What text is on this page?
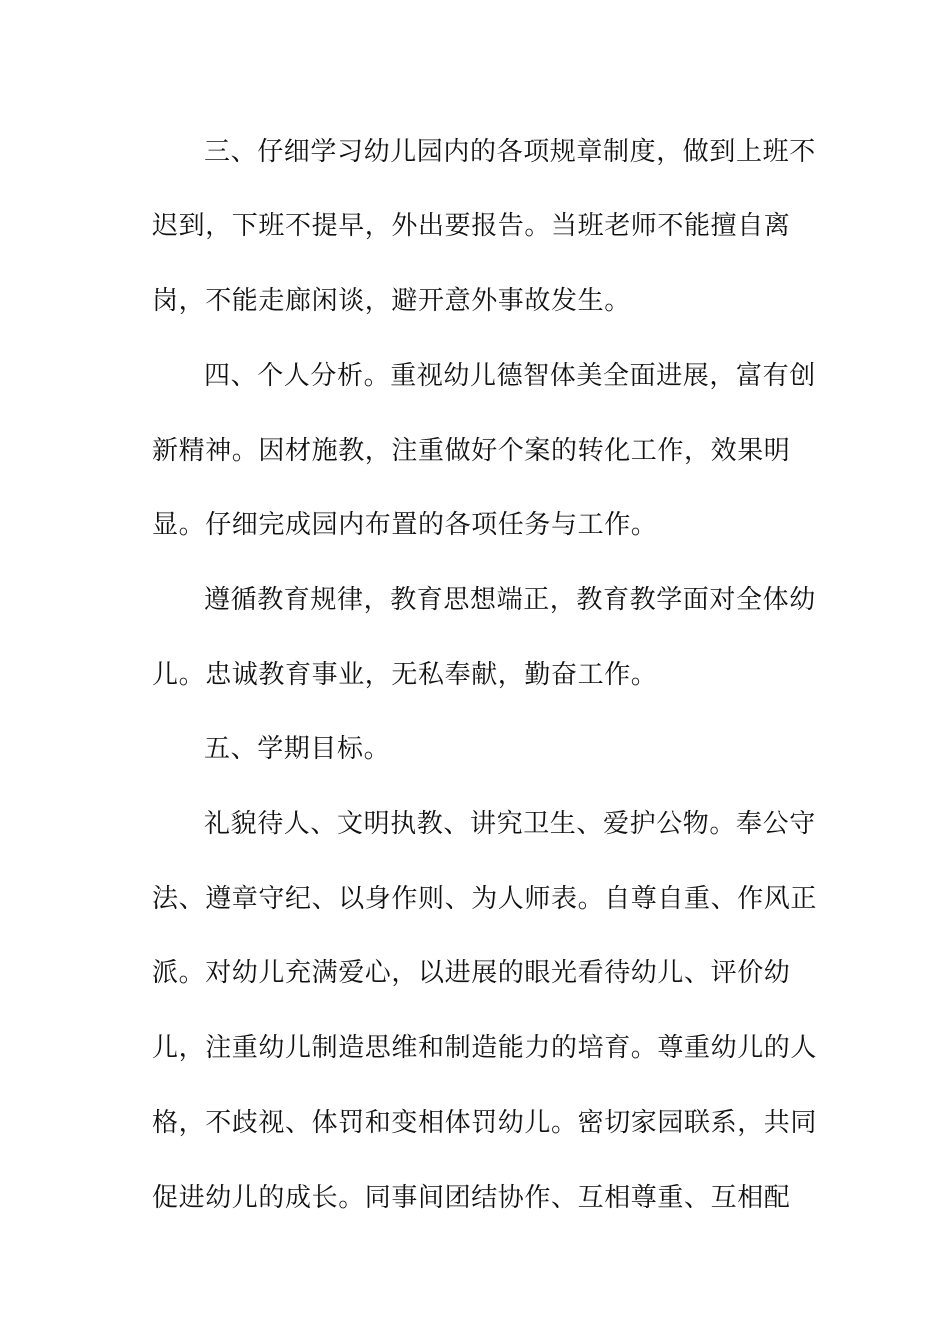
三、仔细学习幼儿园内的各项规章制度，做到上班不
迟到，下班不提早，外出要报告。当班老师不能擅自离
岗，不能走廊闲谈，避开意外事故发生。
四、个人分析。重视幼儿德智体美全面进展，富有创
新精神。因材施教，注重做好个案的转化工作，效果明
显。仔细完成园内布置的各项任务与工作。
遵循教育规律，教育思想端正，教育教学面对全体幼
儿。忠诚教育事业，无私奉献，勤奋工作。
五、学期目标。
礼貌待人、文明执教、讲究卫生、爱护公物。奉公守
法、遵章守纪、以身作则、为人师表。自尊自重、作风正
派。对幼儿充满爱心，以进展的眼光看待幼儿、评价幼
儿，注重幼儿制造思维和制造能力的培育。尊重幼儿的人
格，不歧视、体罚和变相体罚幼儿。密切家园联系，共同
促进幼儿的成长。同事间团结协作、互相尊重、互相配
